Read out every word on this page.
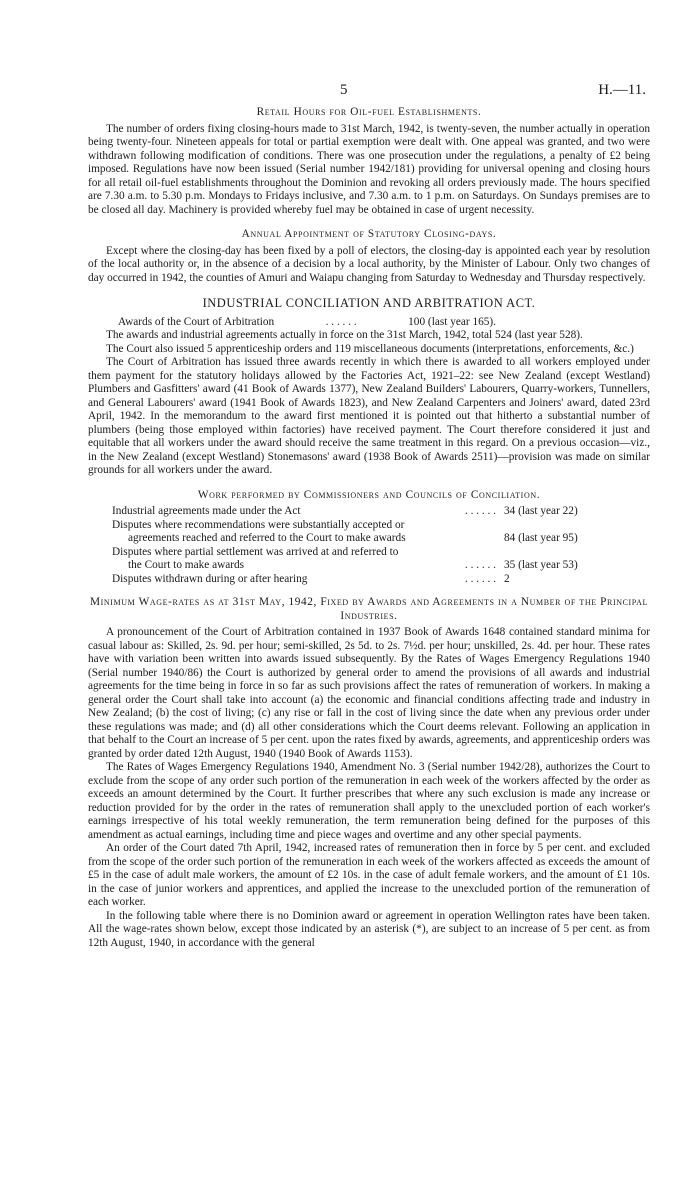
5	H.—11.
Retail Hours for Oil-fuel Establishments.

The number of orders fixing closing-hours made to 31st March, 1942, is twenty-seven, the number actually in operation being twenty-four. Nineteen appeals for total or partial exemption were dealt with. One appeal was granted, and two were withdrawn following modification of conditions. There was one prosecution under the regulations, a penalty of £2 being imposed. Regulations have now been issued (Serial number 1942/181) providing for universal opening and closing hours for all retail oil-fuel establishments throughout the Dominion and revoking all orders previously made. The hours specified are 7.30 a.m. to 5.30 p.m. Mondays to Fridays inclusive, and 7.30 a.m. to 1 p.m. on Saturdays. On Sundays premises are to be closed all day. Machinery is provided whereby fuel may be obtained in case of urgent necessity.

Annual Appointment of Statutory Closing-days.

Except where the closing-day has been fixed by a poll of electors, the closing-day is appointed each year by resolution of the local authority or, in the absence of a decision by a local authority, by the Minister of Labour. Only two changes of day occurred in 1942, the counties of Amuri and Waiapu changing from Saturday to Wednesday and Thursday respectively.

INDUSTRIAL CONCILIATION AND ARBITRATION ACT.
Awards of the Court of Arbitration	. . . . . .	100 (last year 165).

The awards and industrial agreements actually in force on the 31st March, 1942, total 524 (last year 528).

The Court also issued 5 apprenticeship orders and 119 miscellaneous documents (interpretations, enforcements, &c.)

The Court of Arbitration has issued three awards recently in which there is awarded to all workers employed under them payment for the statutory holidays allowed by the Factories Act, 1921–22: see New Zealand (except Westland) Plumbers and Gasfitters' award (41 Book of Awards 1377), New Zealand Builders' Labourers, Quarry-workers, Tunnellers, and General Labourers' award (1941 Book of Awards 1823), and New Zealand Carpenters and Joiners' award, dated 23rd April, 1942. In the memorandum to the award first mentioned it is pointed out that hitherto a substantial number of plumbers (being those employed within factories) have received payment. The Court therefore considered it just and equitable that all workers under the award should receive the same treatment in this regard. On a previous occasion—viz., in the New Zealand (except Westland) Stonemasons' award (1938 Book of Awards 2511)—provision was made on similar grounds for all workers under the award.

Work performed by Commissioners and Councils of Conciliation.
Industrial agreements made under the Act	. . . . . . 34 (last year 22)
Disputes where recommendations were substantially accepted or
agreements reached and referred to the Court to make awards	84 (last year 95)
Disputes where partial settlement was arrived at and referred to
the Court to make awards	. . . . . . 35 (last year 53)
Disputes withdrawn during or after hearing	. . . . . . 2
Minimum Wage-rates as at 31st May, 1942, Fixed by Awards and Agreements in a Number of the Principal Industries.

A pronouncement of the Court of Arbitration contained in 1937 Book of Awards 1648 contained standard minima for casual labour as: Skilled, 2s. 9d. per hour; semi-skilled, 2s 5d. to 2s. 7½d. per hour; unskilled, 2s. 4d. per hour. These rates have with variation been written into awards issued subsequently. By the Rates of Wages Emergency Regulations 1940 (Serial number 1940/86) the Court is authorized by general order to amend the provisions of all awards and industrial agreements for the time being in force in so far as such provisions affect the rates of remuneration of workers. In making a general order the Court shall take into account (a) the economic and financial conditions affecting trade and industry in New Zealand; (b) the cost of living; (c) any rise or fall in the cost of living since the date when any previous order under these regulations was made; and (d) all other considerations which the Court deems relevant. Following an application in that behalf to the Court an increase of 5 per cent. upon the rates fixed by awards, agreements, and apprenticeship orders was granted by order dated 12th August, 1940 (1940 Book of Awards 1153).

The Rates of Wages Emergency Regulations 1940, Amendment No. 3 (Serial number 1942/28), authorizes the Court to exclude from the scope of any order such portion of the remuneration in each week of the workers affected by the order as exceeds an amount determined by the Court. It further prescribes that where any such exclusion is made any increase or reduction provided for by the order in the rates of remuneration shall apply to the unexcluded portion of each worker's earnings irrespective of his total weekly remuneration, the term remuneration being defined for the purposes of this amendment as actual earnings, including time and piece wages and overtime and any other special payments.

An order of the Court dated 7th April, 1942, increased rates of remuneration then in force by 5 per cent. and excluded from the scope of the order such portion of the remuneration in each week of the workers affected as exceeds the amount of £5 in the case of adult male workers, the amount of £2 10s. in the case of adult female workers, and the amount of £1 10s. in the case of junior workers and apprentices, and applied the increase to the unexcluded portion of the remuneration of each worker.

In the following table where there is no Dominion award or agreement in operation Wellington rates have been taken. All the wage-rates shown below, except those indicated by an asterisk (*), are subject to an increase of 5 per cent. as from 12th August, 1940, in accordance with the general
